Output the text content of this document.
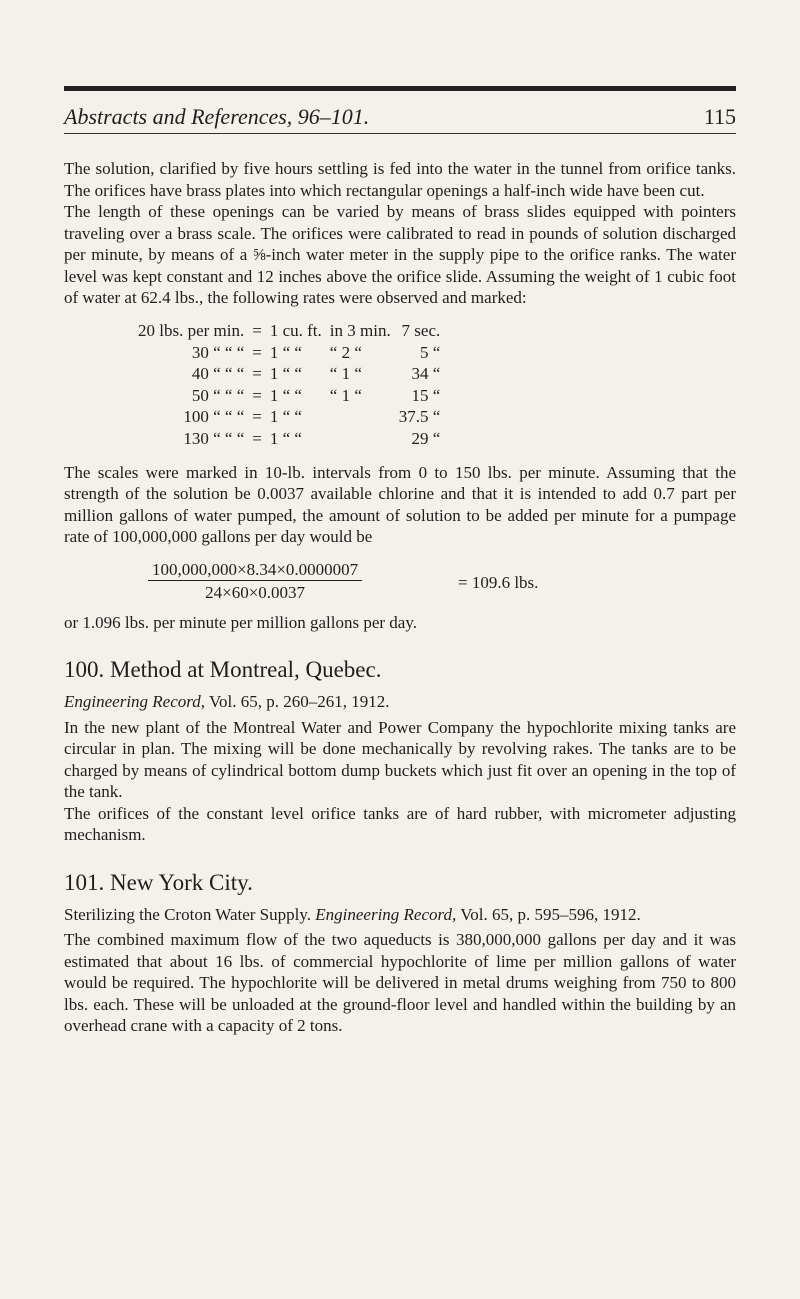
Abstracts and References, 96–101.	115

The solution, clarified by five hours settling is fed into the water in the tunnel from orifice tanks. The orifices have brass plates into which rectangular openings a half-inch wide have been cut.

The length of these openings can be varied by means of brass slides equipped with pointers traveling over a brass scale. The orifices were calibrated to read in pounds of solution discharged per minute, by means of a ⅝-inch water meter in the supply pipe to the orifice ranks. The water level was kept constant and 12 inches above the orifice slide. Assuming the weight of 1 cubic foot of water at 62.4 lbs., the following rates were observed and marked:

20 lbs. per min.	=	1 cu. ft.	in 3 min.	7 sec.
30 “ “ “	=	1 “ “	“ 2 “	5 “
40 “ “ “	=	1 “ “	“ 1 “	34 “
50 “ “ “	=	1 “ “	“ 1 “	15 “
100 “ “ “	=	1 “ “		37.5 “
130 “ “ “	=	1 “ “		29 “

The scales were marked in 10-lb. intervals from 0 to 150 lbs. per minute. Assuming that the strength of the solution be 0.0037 available chlorine and that it is intended to add 0.7 part per million gallons of water pumped, the amount of solution to be added per minute for a pumpage rate of 100,000,000 gallons per day would be

$\frac{100,000,000\times 8.34\times 0.0000007}{24\times 60\times 0.0037}$	= 109.6 lbs.

or 1.096 lbs. per minute per million gallons per day.

100. Method at Montreal, Quebec.
Engineering Record, Vol. 65, p. 260–261, 1912.

In the new plant of the Montreal Water and Power Company the hypochlorite mixing tanks are circular in plan. The mixing will be done mechanically by revolving rakes. The tanks are to be charged by means of cylindrical bottom dump buckets which just fit over an opening in the top of the tank.

The orifices of the constant level orifice tanks are of hard rubber, with micrometer adjusting mechanism.

101. New York City.
Sterilizing the Croton Water Supply. Engineering Record, Vol. 65, p. 595–596, 1912.

The combined maximum flow of the two aqueducts is 380,000,000 gallons per day and it was estimated that about 16 lbs. of commercial hypochlorite of lime per million gallons of water would be required. The hypochlorite will be delivered in metal drums weighing from 750 to 800 lbs. each. These will be unloaded at the ground-floor level and handled within the building by an overhead crane with a capacity of 2 tons.
